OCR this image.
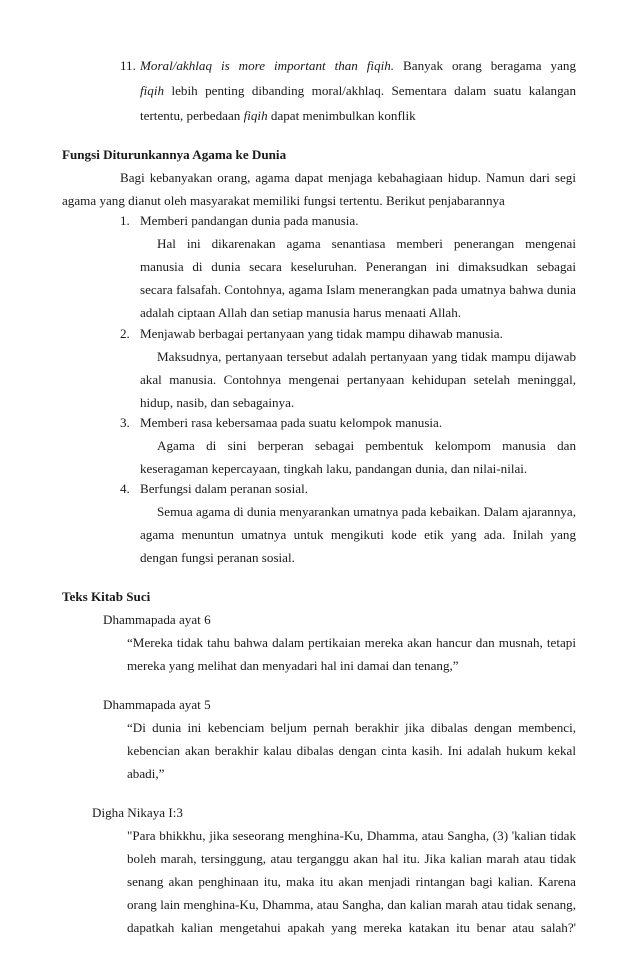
11. Moral/akhlaq is more important than fiqih. Banyak orang beragama yang
fiqih lebih penting dibanding moral/akhlaq. Sementara dalam suatu kalangan
tertentu, perbedaan fiqih dapat menimbulkan konflik
Fungsi Diturunkannya Agama ke Dunia
Bagi kebanyakan orang, agama dapat menjaga kebahagiaan hidup. Namun dari segi
agama yang dianut oleh masyarakat memiliki fungsi tertentu. Berikut penjabarannya
1. Memberi pandangan dunia pada manusia.
Hal ini dikarenakan agama senantiasa memberi penerangan mengenai
manusia di dunia secara keseluruhan. Penerangan ini dimaksudkan sebagai
secara falsafah. Contohnya, agama Islam menerangkan pada umatnya bahwa dunia
adalah ciptaan Allah dan setiap manusia harus menaati Allah.
2. Menjawab berbagai pertanyaan yang tidak mampu dihawab manusia.
Maksudnya, pertanyaan tersebut adalah pertanyaan yang tidak mampu dijawab
akal manusia. Contohnya mengenai pertanyaan kehidupan setelah meninggal,
hidup, nasib, dan sebagainya.
3. Memberi rasa kebersamaa pada suatu kelompok manusia.
Agama di sini berperan sebagai pembentuk kelompom manusia dan
keseragaman kepercayaan, tingkah laku, pandangan dunia, dan nilai-nilai.
4. Berfungsi dalam peranan sosial.
Semua agama di dunia menyarankan umatnya pada kebaikan. Dalam ajarannya,
agama menuntun umatnya untuk mengikuti kode etik yang ada. Inilah yang
dengan fungsi peranan sosial.
Teks Kitab Suci
Dhammapada ayat 6
“Mereka tidak tahu bahwa dalam pertikaian mereka akan hancur dan musnah, tetapi
mereka yang melihat dan menyadari hal ini damai dan tenang,”
Dhammapada ayat 5
“Di dunia ini kebenciam beljum pernah berakhir jika dibalas dengan membenci,
kebencian akan berakhir kalau dibalas dengan cinta kasih. Ini adalah hukum kekal
abadi,”
Digha Nikaya I:3
"Para bhikkhu, jika seseorang menghina-Ku, Dhamma, atau Sangha, (3) 'kalian tidak
boleh marah, tersinggung, atau terganggu akan hal itu. Jika kalian marah atau tidak
senang akan penghinaan itu, maka itu akan menjadi rintangan bagi kalian. Karena
orang lain menghina-Ku, Dhamma, atau Sangha, dan kalian marah atau tidak senang,
dapatkah kalian mengetahui apakah yang mereka katakan itu benar atau salah?'
